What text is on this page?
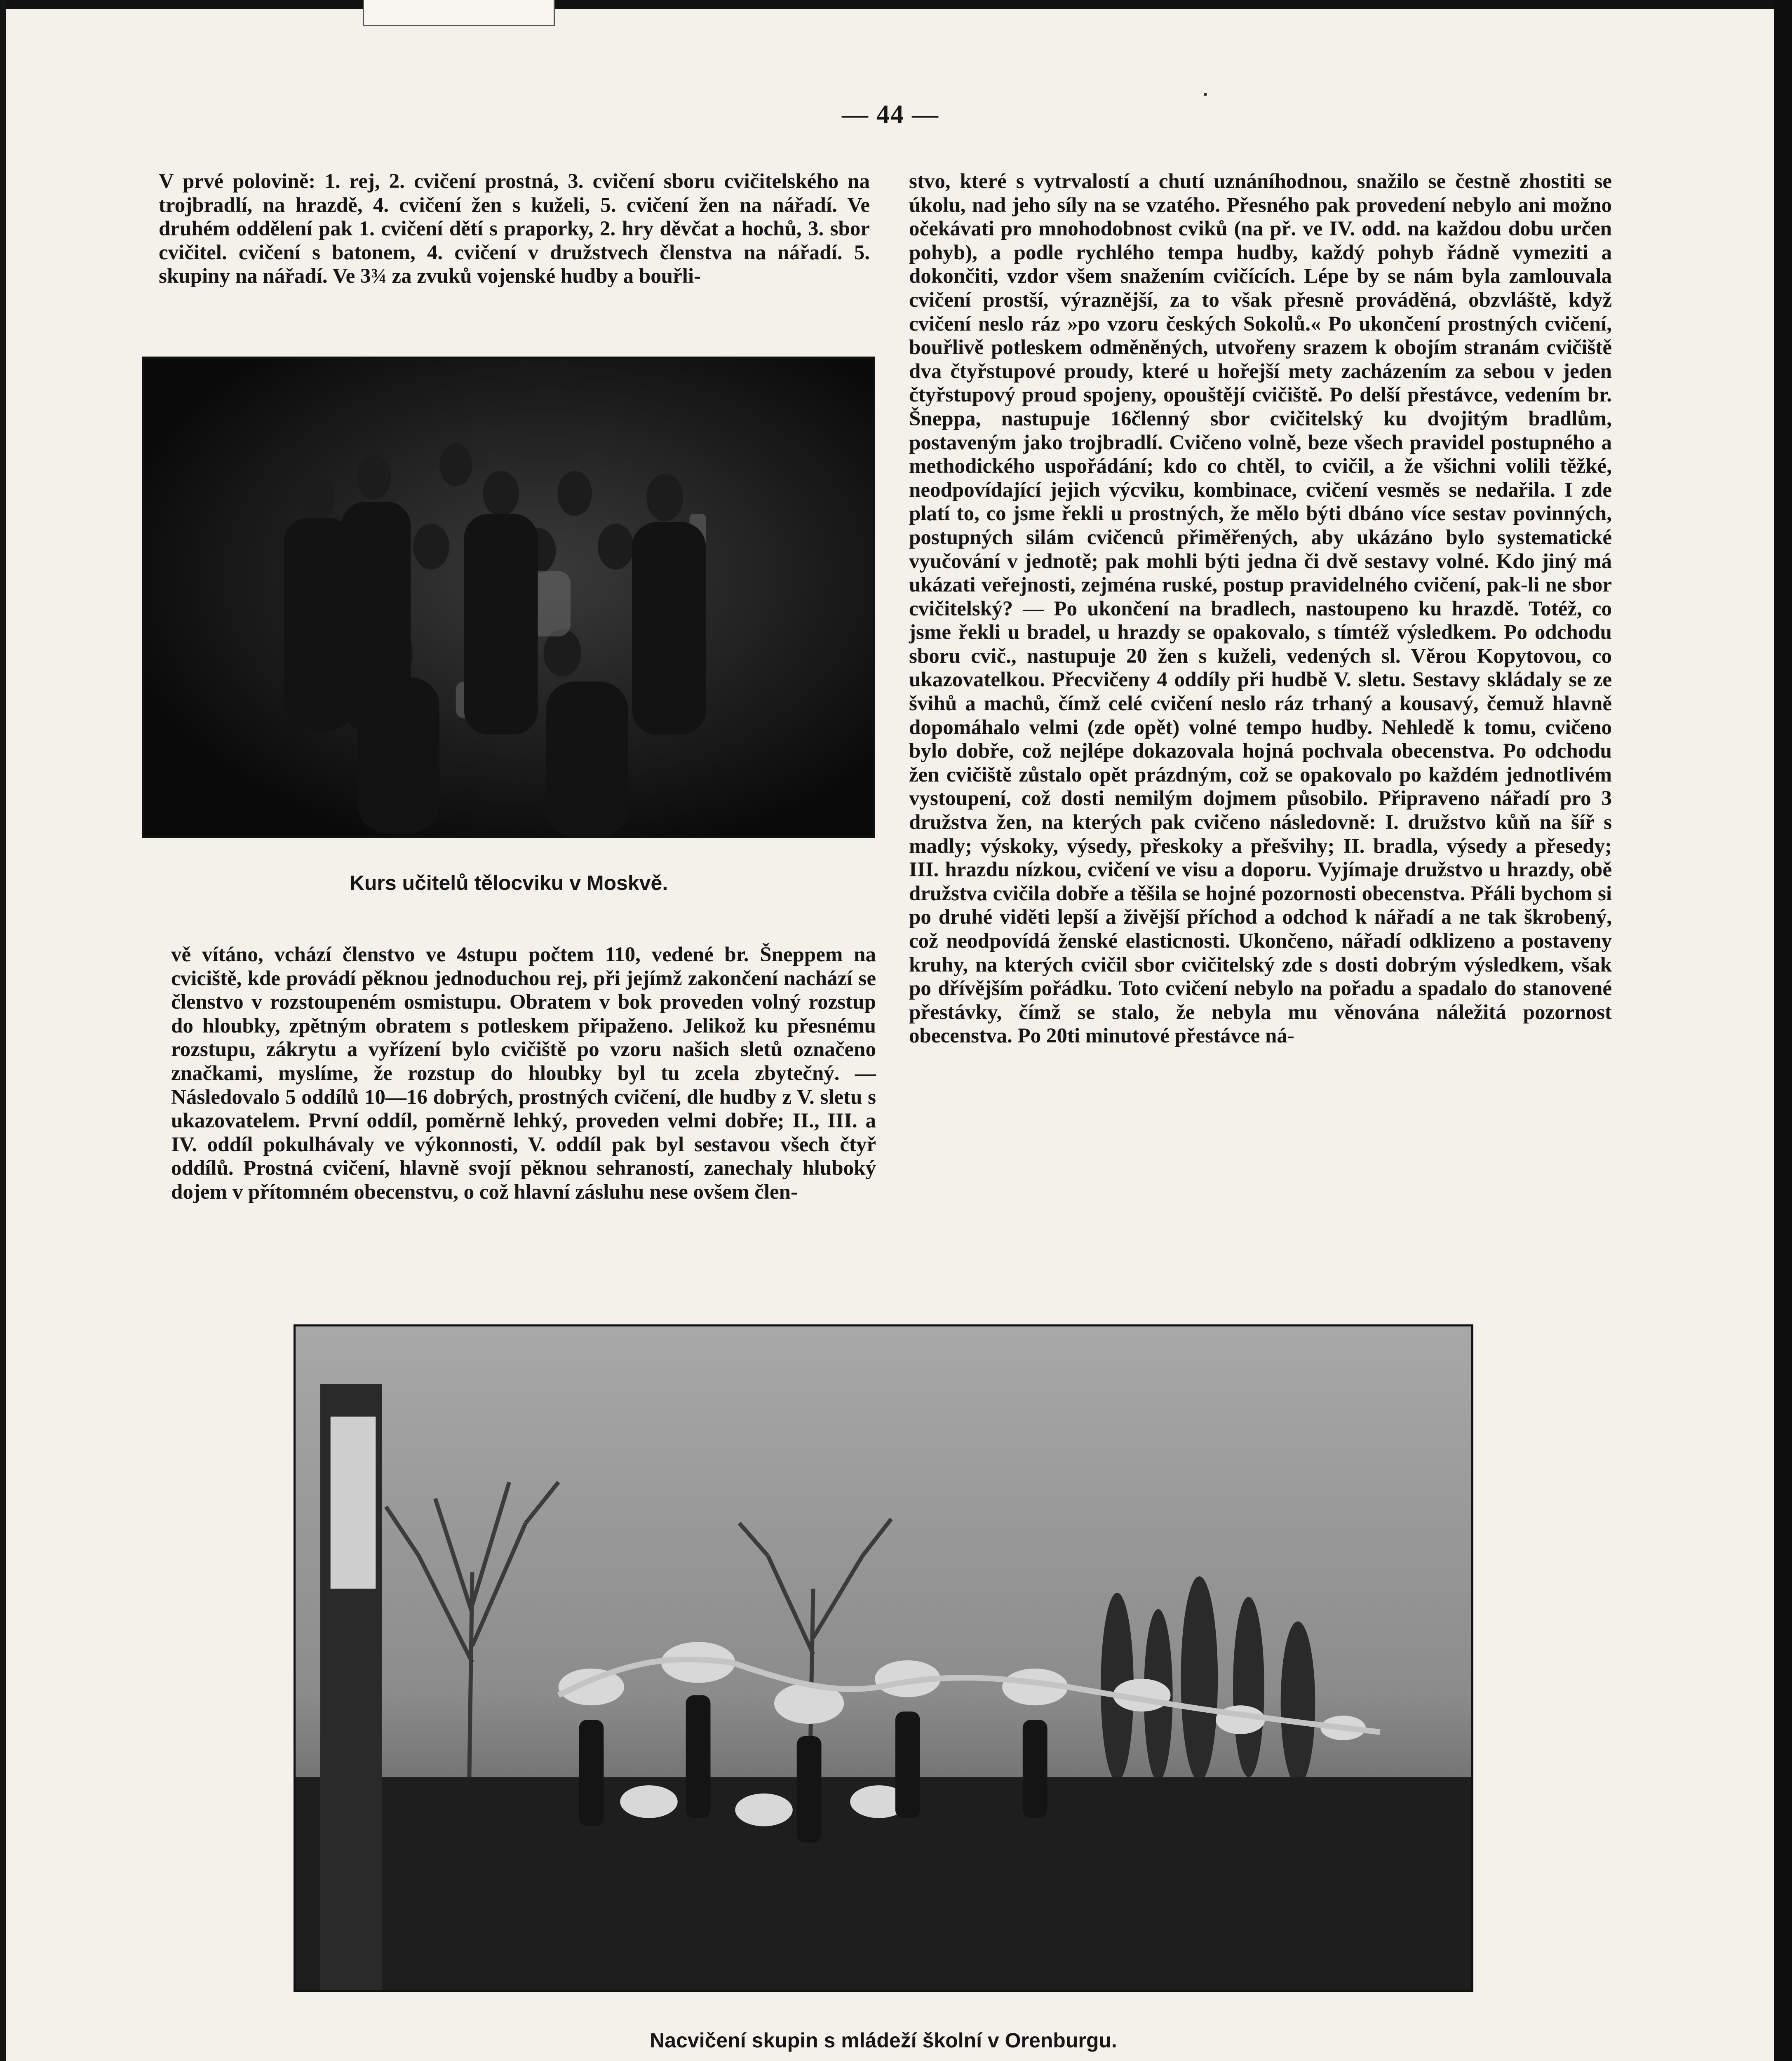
— 44 —

V prvé polovině: 1. rej, 2. cvičení prostná, 3. cvičení sboru cvičitelského na trojbradlí, na hrazdě, 4. cvičení žen s kuželi, 5. cvičení žen na nářadí. Ve druhém oddělení pak 1. cvičení dětí s praporky, 2. hry děvčat a hochů, 3. sbor cvičitel. cvičení s batonem, 4. cvičení v družstvech členstva na nářadí. 5. skupiny na nářadí. Ve 3¾ za zvuků vojenské hudby a bouřli-

Kurs učitelů tělocviku v Moskvě.

vě vítáno, vchází členstvo ve 4stupu počtem 110, vedené br. Šneppem na cviciště, kde provádí pěknou jednoduchou rej, při jejímž zakončení nachází se členstvo v rozstoupeném osmistupu. Obratem v bok proveden volný rozstup do hloubky, zpětným obratem s potleskem připaženo. Jelikož ku přesnému rozstupu, zákrytu a vyřízení bylo cvičiště po vzoru našich sletů označeno značkami, myslíme, že rozstup do hloubky byl tu zcela zbytečný. — Následovalo 5 oddílů 10—16 dobrých, prostných cvičení, dle hudby z V. sletu s ukazovatelem. První oddíl, poměrně lehký, proveden velmi dobře; II., III. a IV. oddíl pokulhávaly ve výkonnosti, V. oddíl pak byl sestavou všech čtyř oddílů. Prostná cvičení, hlavně svojí pěknou sehraností, zanechaly hluboký dojem v přítomném obecenstvu, o což hlavní zásluhu nese ovšem člen-

stvo, které s vytrvalostí a chutí uznáníhodnou, snažilo se čestně zhostiti se úkolu, nad jeho síly na se vzatého. Přesného pak provedení nebylo ani možno očekávati pro mnohodobnost cviků (na př. ve IV. odd. na každou dobu určen pohyb), a podle rychlého tempa hudby, každý pohyb řádně vymeziti a dokončiti, vzdor všem snažením cvičících. Lépe by se nám byla zamlouvala cvičení prostší, výraznější, za to však přesně prováděná, obzvláště, když cvičení neslo ráz »po vzoru českých Sokolů.« Po ukončení prostných cvičení, bouřlivě potleskem odměněných, utvořeny srazem k obojím stranám cvičiště dva čtyřstupové proudy, které u hořejší mety zacházením za sebou v jeden čtyřstupový proud spojeny, opouštějí cvičiště. Po delší přestávce, vedením br. Šneppa, nastupuje 16členný sbor cvičitelský ku dvojitým bradlům, postaveným jako trojbradlí. Cvičeno volně, beze všech pravidel postupného a methodického uspořádání; kdo co chtěl, to cvičil, a že všichni volili těžké, neodpovídající jejich výcviku, kombinace, cvičení vesměs se nedařila. I zde platí to, co jsme řekli u prostných, že mělo býti dbáno více sestav povinných, postupných silám cvičenců přiměřených, aby ukázáno bylo systematické vyučování v jednotě; pak mohli býti jedna či dvě sestavy volné. Kdo jiný má ukázati veřejnosti, zejména ruské, postup pravidelného cvičení, pak-li ne sbor cvičitelský? — Po ukončení na bradlech, nastoupeno ku hrazdě. Totéž, co jsme řekli u bradel, u hrazdy se opakovalo, s tímtéž výsledkem. Po odchodu sboru cvič., nastupuje 20 žen s kuželi, vedených sl. Věrou Kopytovou, co ukazovatelkou. Přecvičeny 4 oddíly při hudbě V. sletu. Sestavy skládaly se ze švihů a machů, čímž celé cvičení neslo ráz trhaný a kousavý, čemuž hlavně dopomáhalo velmi (zde opět) volné tempo hudby. Nehledě k tomu, cvičeno bylo dobře, což nejlépe dokazovala hojná pochvala obecenstva. Po odchodu žen cvičiště zůstalo opět prázdným, což se opakovalo po každém jednotlivém vystoupení, což dosti nemilým dojmem působilo. Připraveno nářadí pro 3 družstva žen, na kterých pak cvičeno následovně: I. družstvo kůň na šíř s madly; výskoky, výsedy, přeskoky a přešvihy; II. bradla, výsedy a přesedy; III. hrazdu nízkou, cvičení ve visu a doporu. Vyjímaje družstvo u hrazdy, obě družstva cvičila dobře a těšila se hojné pozornosti obecenstva. Přáli bychom si po druhé viděti lepší a živější příchod a odchod k nářadí a ne tak škrobený, což neodpovídá ženské elasticnosti. Ukončeno, nářadí odklizeno a postaveny kruhy, na kterých cvičil sbor cvičitelský zde s dosti dobrým výsledkem, však po dřívějším pořádku. Toto cvičení nebylo na pořadu a spadalo do stanovené přestávky, čímž se stalo, že nebyla mu věnována náležitá pozornost obecenstva. Po 20ti minutové přestávce ná-

Nacvičení skupin s mládeží školní v Orenburgu.
